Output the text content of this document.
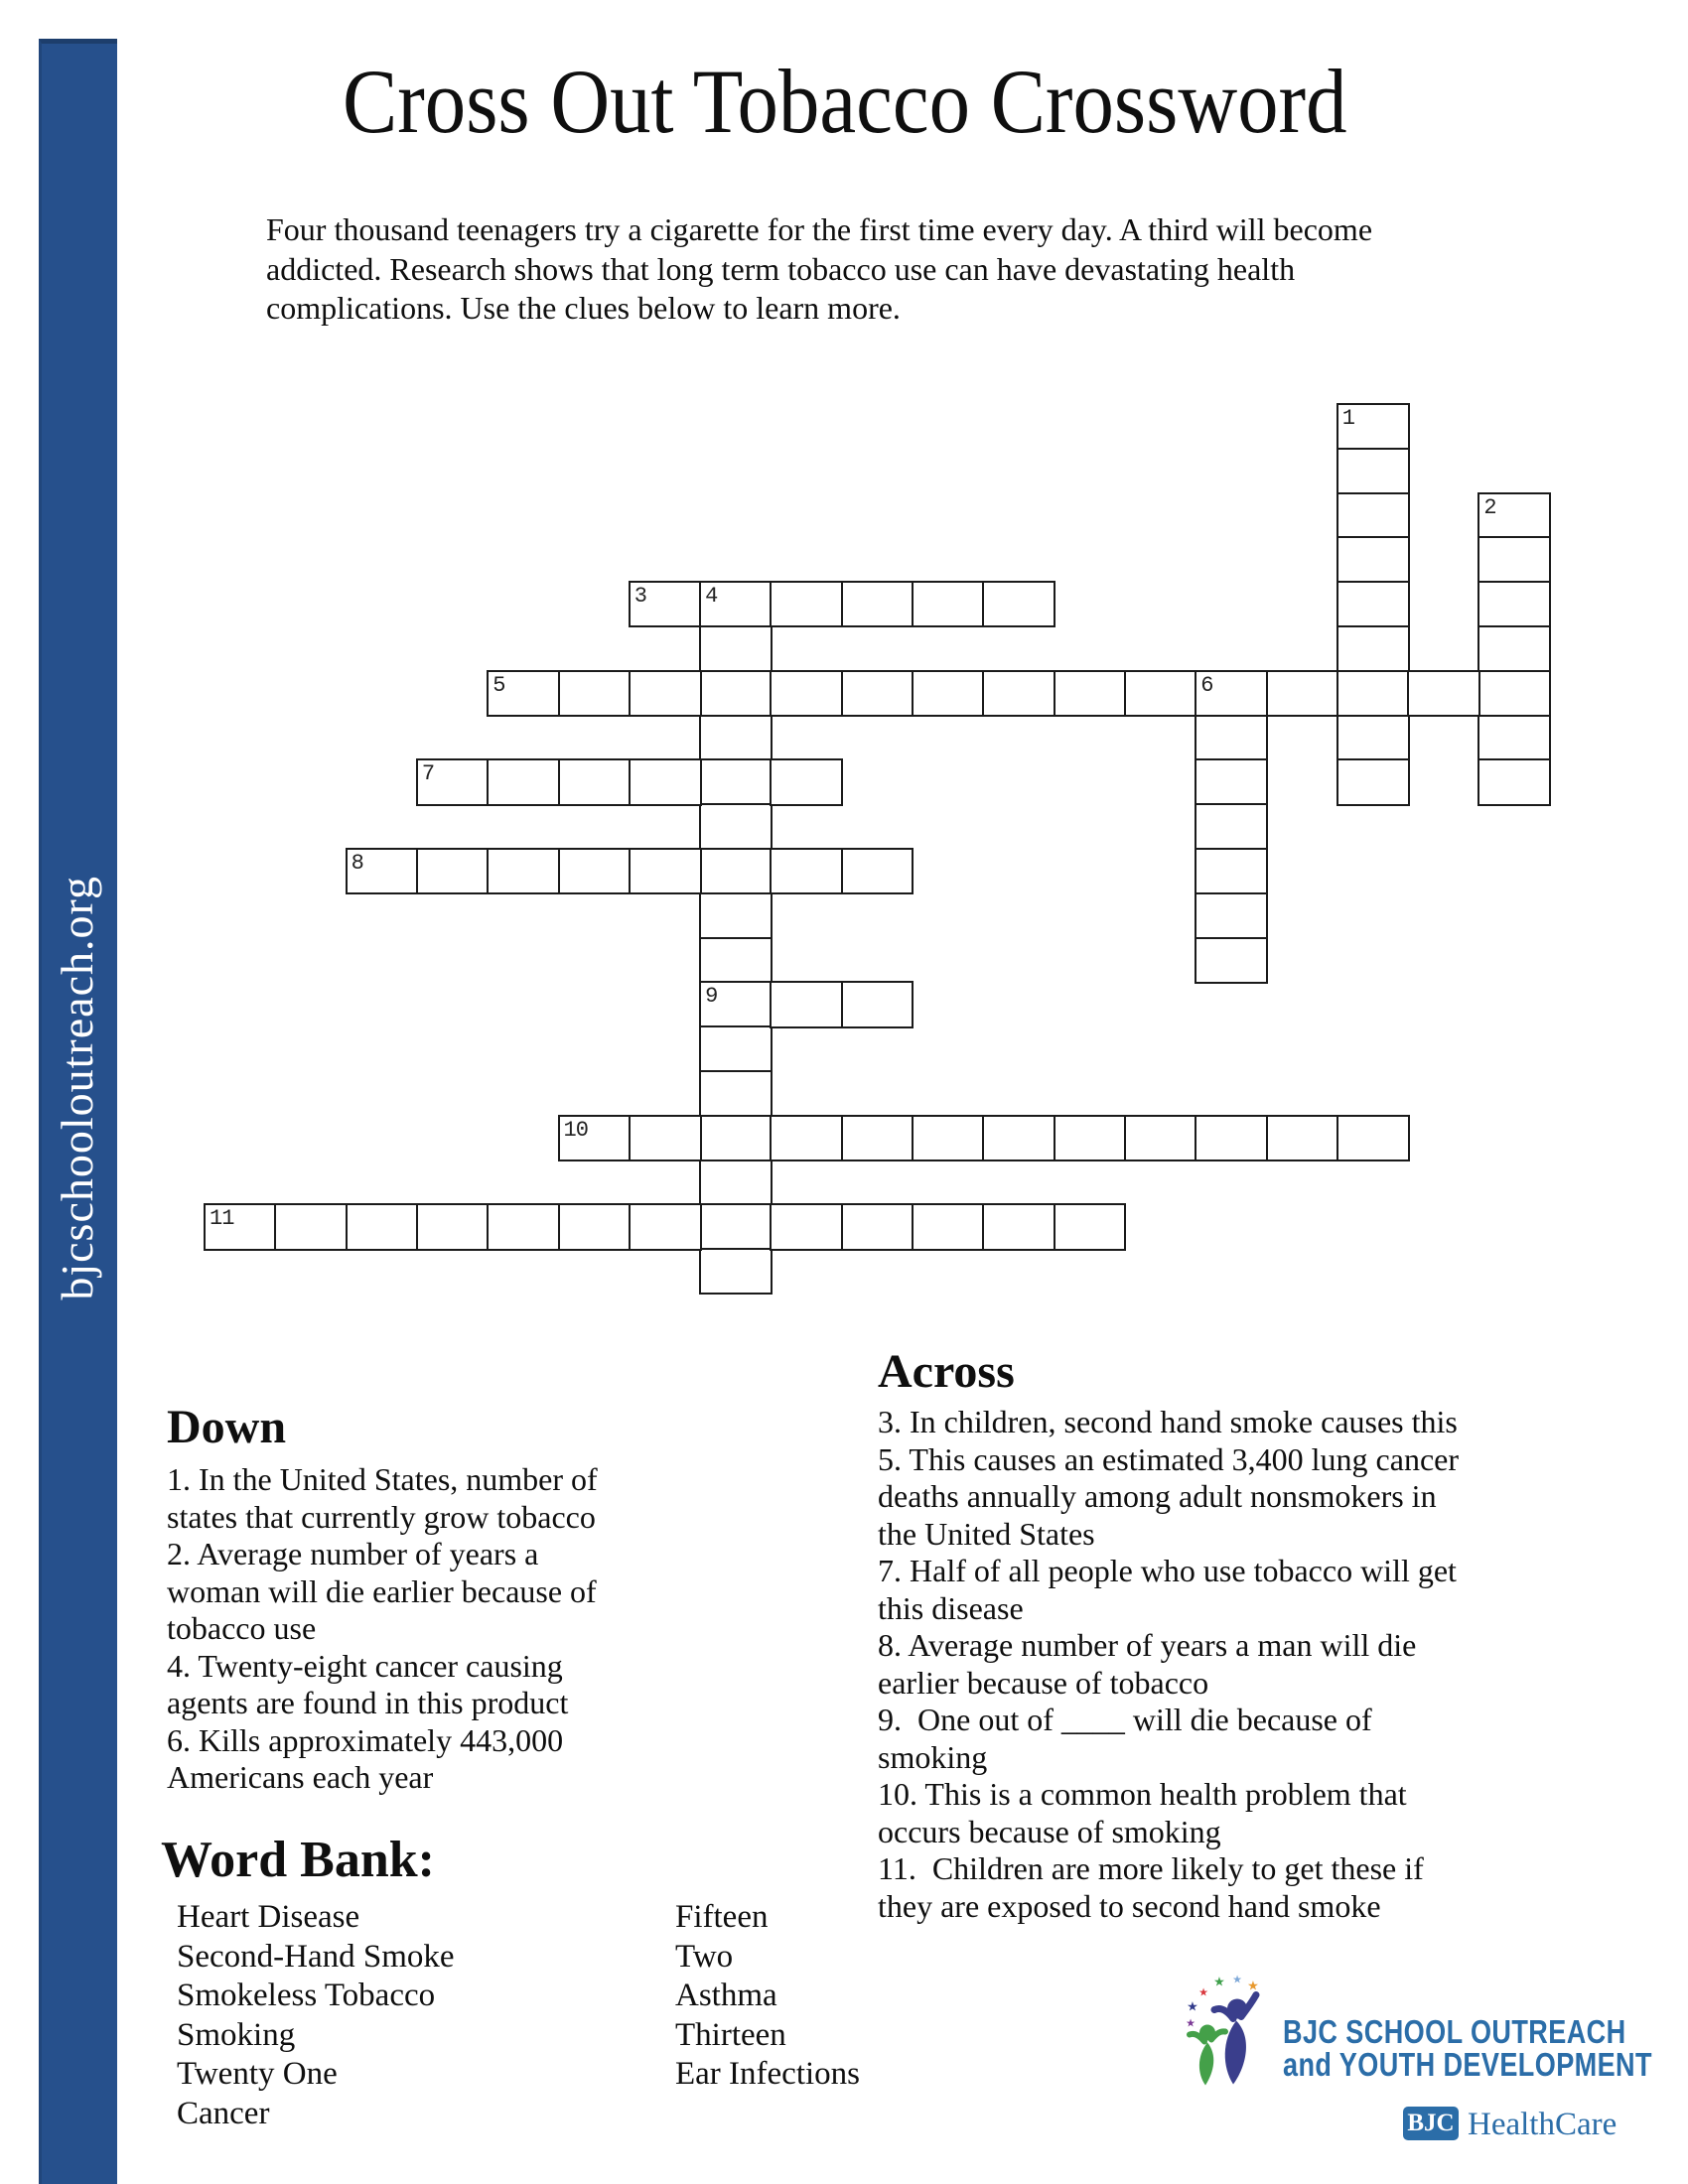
bjcschooloutreach.org
Cross Out Tobacco Crossword
Four thousand teenagers try a cigarette for the first time every day. A third will become
addicted. Research shows that long term tobacco use can have devastating health
complications. Use the clues below to learn more.
1
2
3	4
9
5	6
7
8
10
11
Down
1. In the United States, number of
states that currently grow tobacco
2. Average number of years a
woman will die earlier because of
tobacco use
4. Twenty-eight cancer causing
agents are found in this product
6. Kills approximately 443,000
Americans each year
Across
3. In children, second hand smoke causes this
5. This causes an estimated 3,400 lung cancer
deaths annually among adult nonsmokers in
the United States
7. Half of all people who use tobacco will get
this disease
8. Average number of years a man will die
earlier because of tobacco
9.  One out of ____ will die because of
smoking
10. This is a common health problem that
occurs because of smoking
11.  Children are more likely to get these if
they are exposed to second hand smoke
Word Bank:
Heart Disease
Second-Hand Smoke
Smokeless Tobacco
Smoking
Twenty One
Cancer
Fifteen
Two
Asthma
Thirteen
Ear Infections
★
★
★
★ ★ ★
BJC SCHOOL OUTREACH
and YOUTH DEVELOPMENT
BJC HealthCare
